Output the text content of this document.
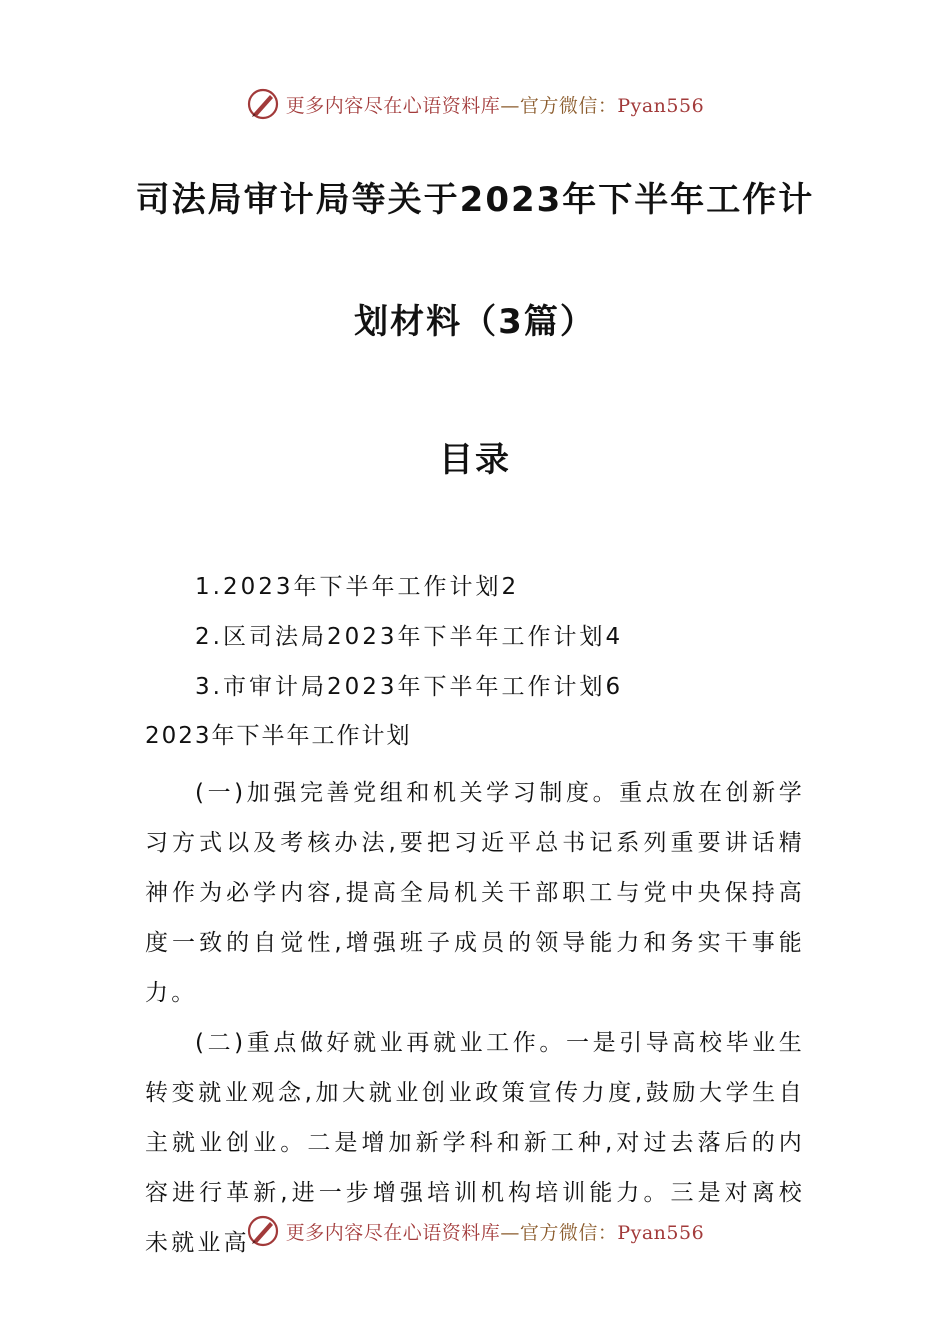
更多内容尽在心语资料库—官方微信：Pyan556
司法局审计局等关于2023年下半年工作计
划材料（3篇）
目录
1.2023年下半年工作计划2
2.区司法局2023年下半年工作计划4
3.市审计局2023年下半年工作计划6

2023年下半年工作计划

(一)加强完善党组和机关学习制度。重点放在创新学习方式以及考核办法,要把习近平总书记系列重要讲话精神作为必学内容,提高全局机关干部职工与党中央保持高度一致的自觉性,增强班子成员的领导能力和务实干事能力。

(二)重点做好就业再就业工作。一是引导高校毕业生转变就业观念,加大就业创业政策宣传力度,鼓励大学生自主就业创业。二是增加新学科和新工种,对过去落后的内容进行革新,进一步增强培训机构培训能力。三是对离校未就业高	更多内容尽在心语资料库—官方微信：Pyan556
